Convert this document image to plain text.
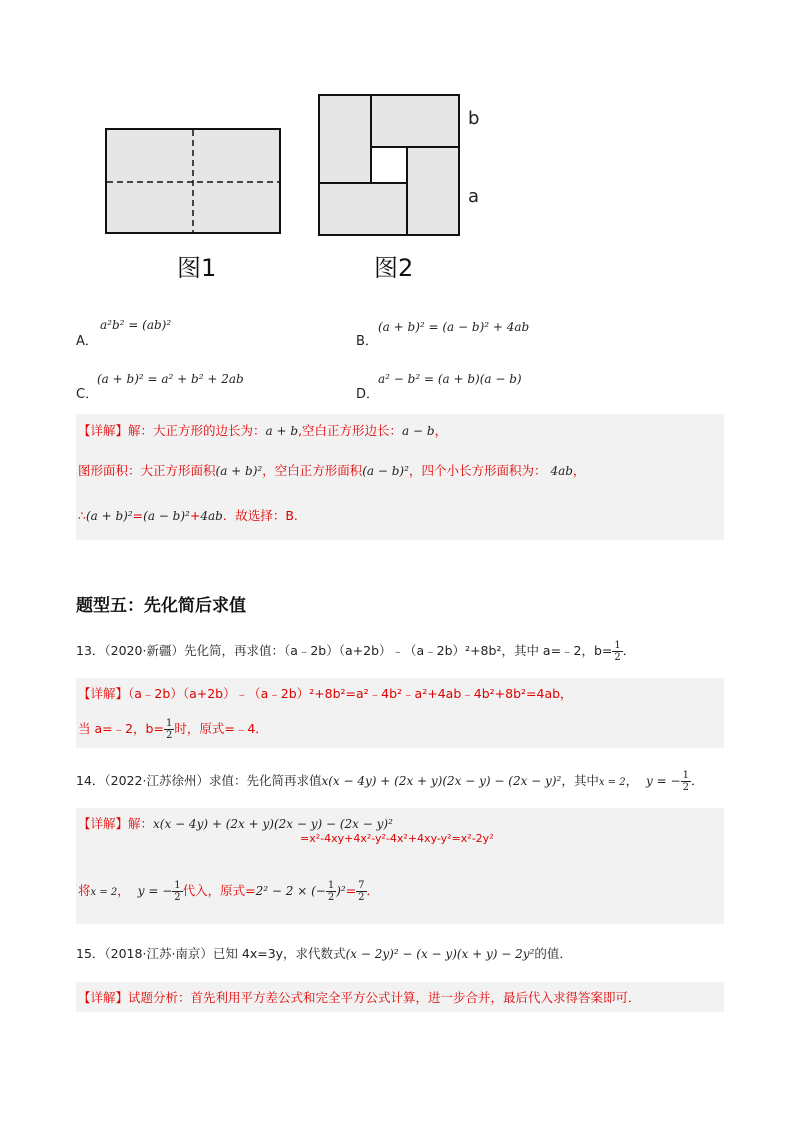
图1	图2
b
a
A．
a²b² = (ab)²
B．
(a + b)² = (a − b)² + 4ab
C．
(a + b)² = a² + b² + 2ab
D．
a² − b² = (a + b)(a − b)
【详解】解：大正方形的边长为：a + b,空白正方形边长：a − b，
图形面积：大正方形面积(a + b)²，空白正方形面积(a − b)²，四个小长方形面积为： 4ab，
∴(a + b)²=(a − b)²+4ab．故选择：B.
题型五：先化简后求值
13．（2020·新疆）先化简，再求值：（a﹣2b）（a+2b）﹣（a﹣2b）²+8b²，其中 a=﹣2，$b= \frac{1}{2}$ ．
【详解】（a﹣2b）（a+2b）﹣（a﹣2b）²+8b²=a²﹣4b²﹣a²+4ab﹣4b²+8b²=4ab，
当 a=﹣2，$b= \frac{1}{2}$ 时，原式=﹣4．
14．（2022·江苏徐州）求值：先化简再求值x(x − 4y) + (2x + y)(2x − y) − (2x − y)²，其中x = 2， y = − $\frac{1}{2}$ ．
【详解】解：x(x − 4y) + (2x + y)(2x − y) − (2x − y)²
=x²-4xy+4x²-y²-4x²+4xy-y²=x²-2y²
将x = 2， y = − $\frac{1}{2}$ 代入，原式=2² − 2 × (− $\frac{1}{2} )^2= \frac{7}{2}$ ．
15．（2018·江苏·南京）已知 4x=3y，求代数式(x − 2y)² − (x − y)(x + y) − 2y²的值．
【详解】试题分析：首先利用平方差公式和完全平方公式计算，进一步合并，最后代入求得答案即可．
